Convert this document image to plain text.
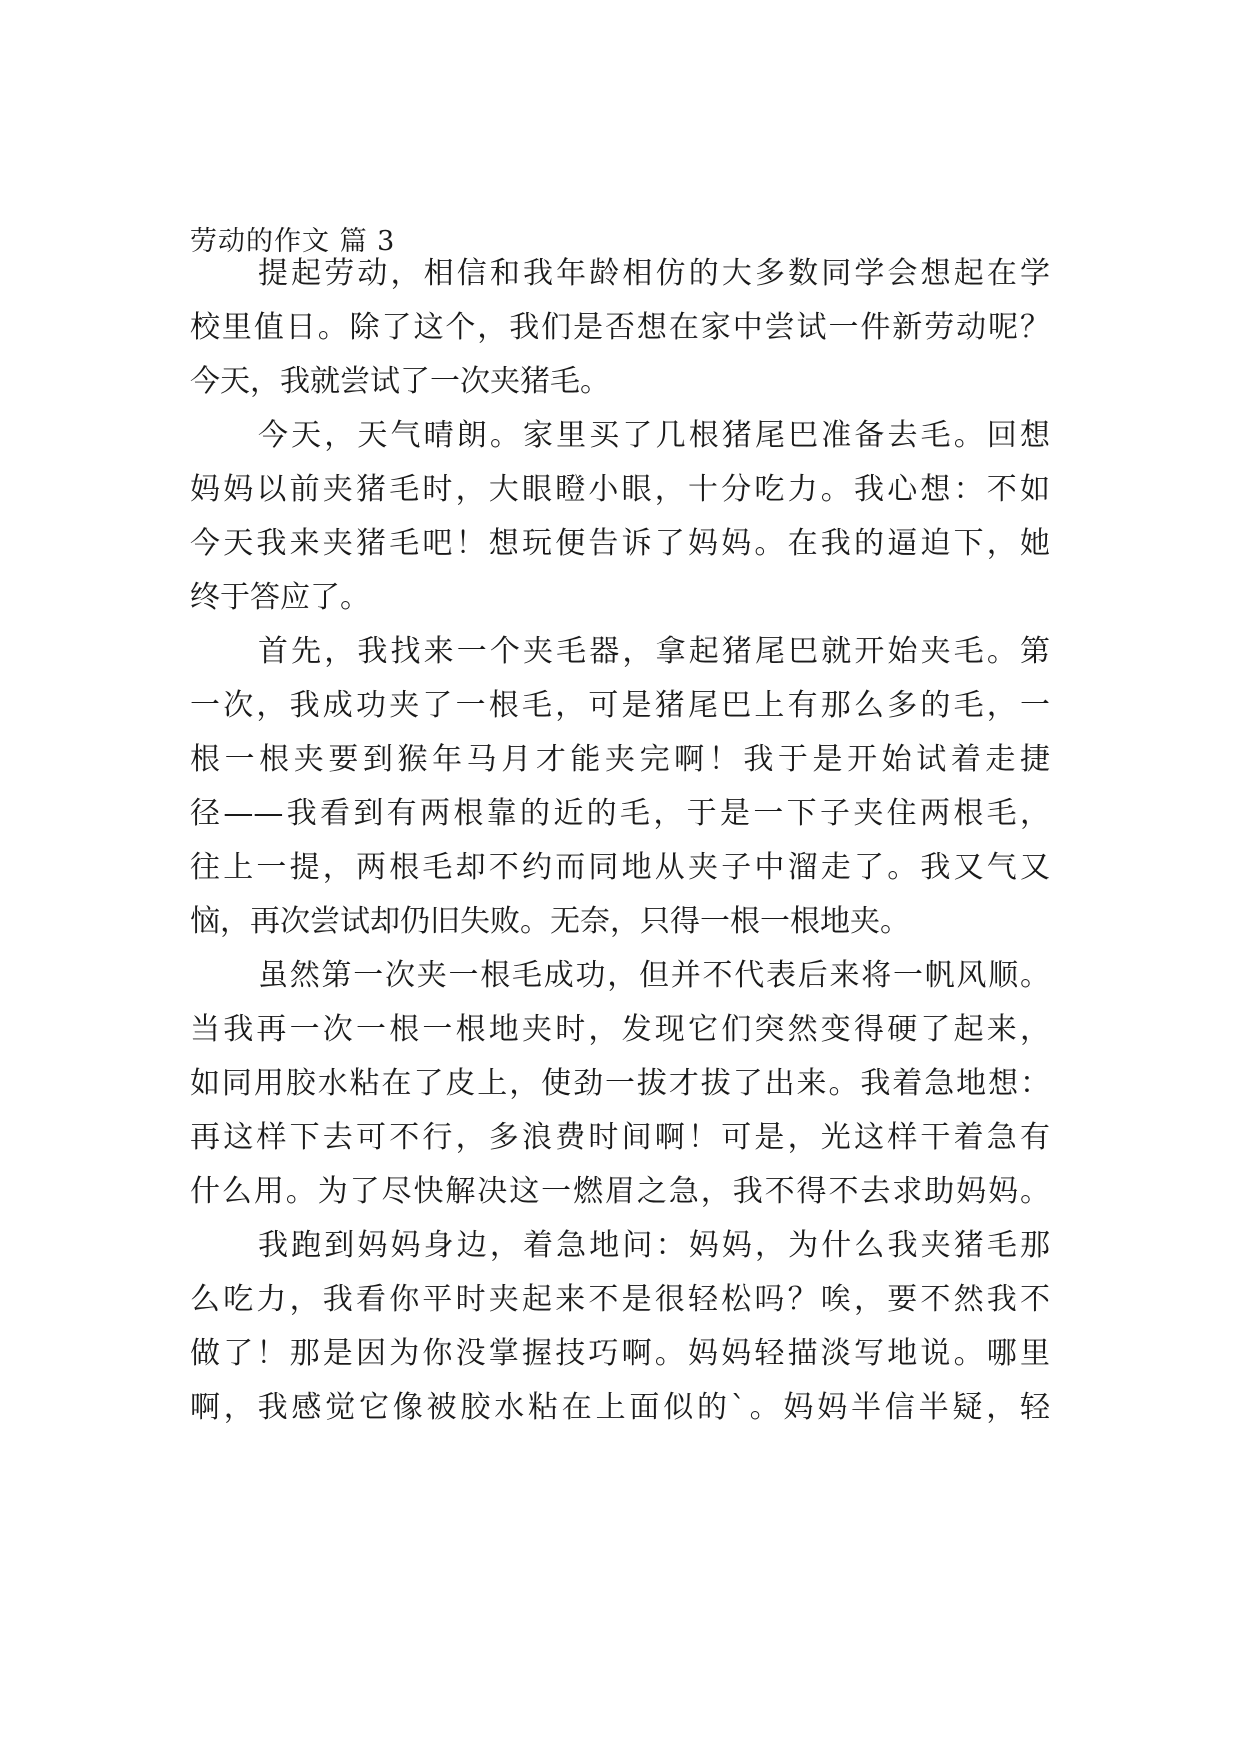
劳动的作文 篇 3
提起劳动，相信和我年龄相仿的大多数同学会想起在学
校里值日。除了这个，我们是否想在家中尝试一件新劳动呢？
今天，我就尝试了一次夹猪毛。
今天，天气晴朗。家里买了几根猪尾巴准备去毛。回想
妈妈以前夹猪毛时，大眼瞪小眼，十分吃力。我心想：不如
今天我来夹猪毛吧！想玩便告诉了妈妈。在我的逼迫下，她
终于答应了。
首先，我找来一个夹毛器，拿起猪尾巴就开始夹毛。第
一次，我成功夹了一根毛，可是猪尾巴上有那么多的毛，一
根一根夹要到猴年马月才能夹完啊！我于是开始试着走捷
径——我看到有两根靠的近的毛，于是一下子夹住两根毛，
往上一提，两根毛却不约而同地从夹子中溜走了。我又气又
恼，再次尝试却仍旧失败。无奈，只得一根一根地夹。
虽然第一次夹一根毛成功，但并不代表后来将一帆风顺。
当我再一次一根一根地夹时，发现它们突然变得硬了起来，
如同用胶水粘在了皮上，使劲一拔才拔了出来。我着急地想：
再这样下去可不行，多浪费时间啊！可是，光这样干着急有
什么用。为了尽快解决这一燃眉之急，我不得不去求助妈妈。
我跑到妈妈身边，着急地问：妈妈，为什么我夹猪毛那
么吃力，我看你平时夹起来不是很轻松吗？唉，要不然我不
做了！那是因为你没掌握技巧啊。妈妈轻描淡写地说。哪里
啊，我感觉它像被胶水粘在上面似的`。妈妈半信半疑，轻
